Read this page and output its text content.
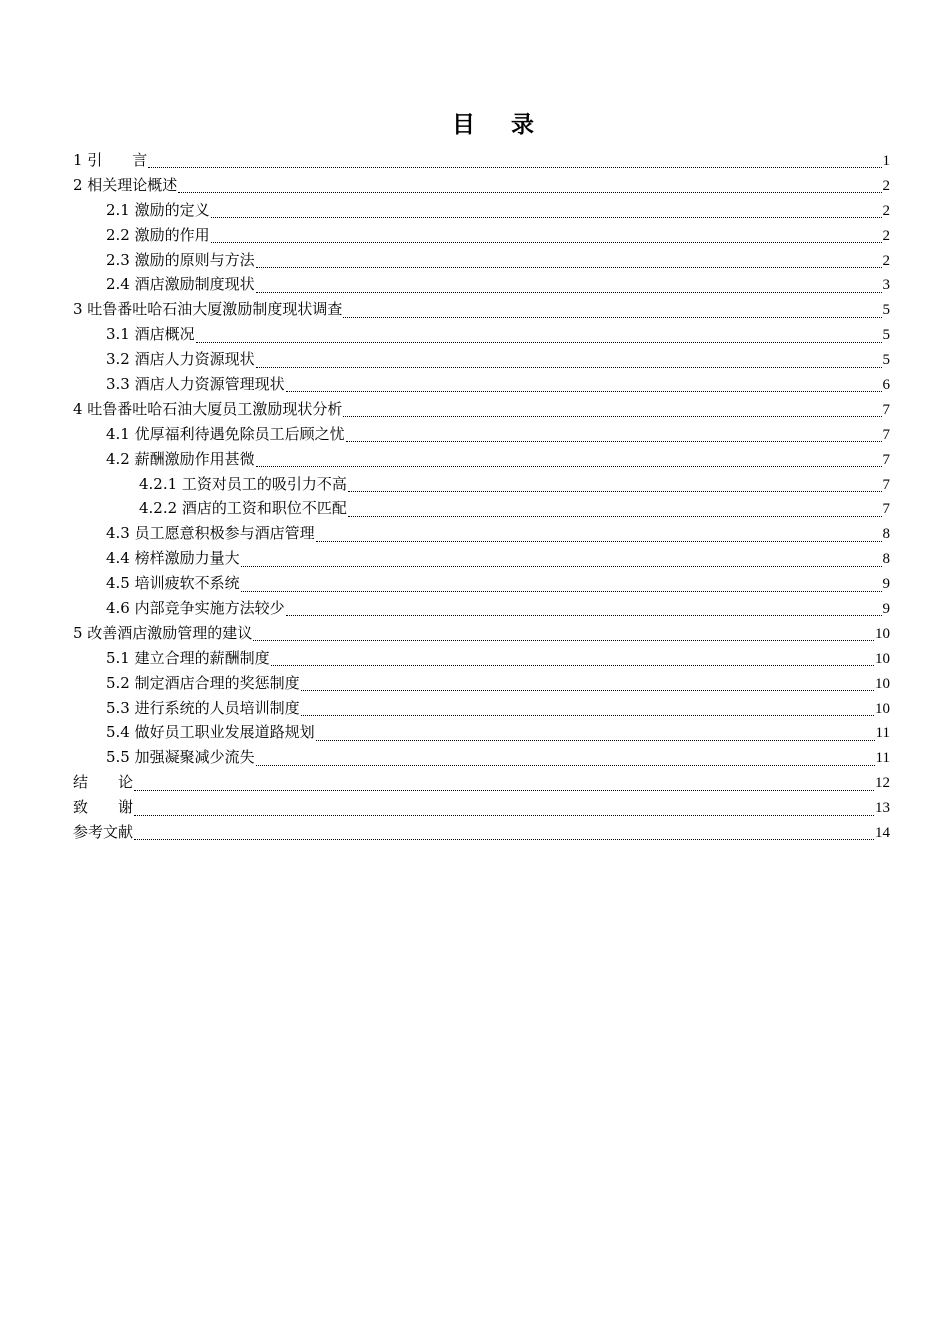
目 录
1 引　　言	1
2 相关理论概述	2
2.1 激励的定义	2
2.2 激励的作用	2
2.3 激励的原则与方法	2
2.4 酒店激励制度现状	3
3 吐鲁番吐哈石油大厦激励制度现状调查	5
3.1 酒店概况	5
3.2 酒店人力资源现状	5
3.3 酒店人力资源管理现状	6
4 吐鲁番吐哈石油大厦员工激励现状分析	7
4.1 优厚福利待遇免除员工后顾之忧	7
4.2 薪酬激励作用甚微	7
4.2.1 工资对员工的吸引力不高	7
4.2.2 酒店的工资和职位不匹配	7
4.3 员工愿意积极参与酒店管理	8
4.4 榜样激励力量大	8
4.5 培训疲软不系统	9
4.6 内部竞争实施方法较少	9
5 改善酒店激励管理的建议	10
5.1 建立合理的薪酬制度	10
5.2 制定酒店合理的奖惩制度	10
5.3 进行系统的人员培训制度	10
5.4 做好员工职业发展道路规划	11
5.5 加强凝聚减少流失	11
结　　论	12
致　　谢	13
参考文献	14
